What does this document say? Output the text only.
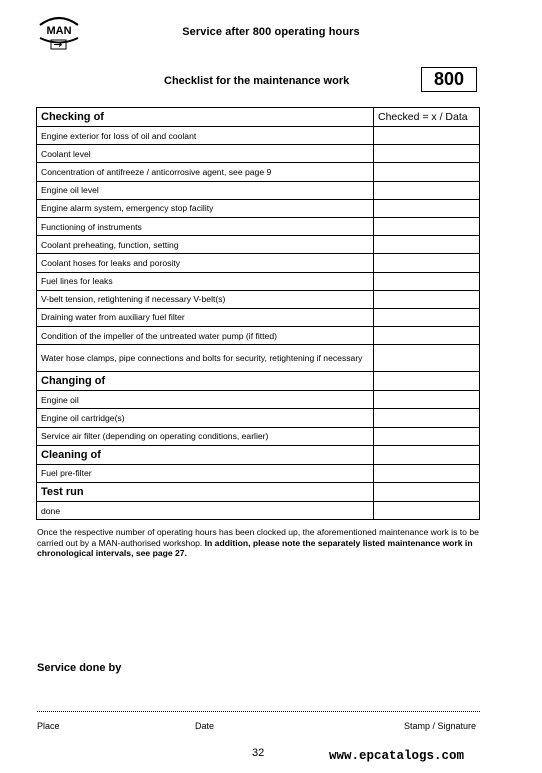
MAN	Service after 800 operating hours
Checklist for the maintenance work	800
Checking of	Checked = x / Data
Engine exterior for loss of oil and coolant	
Coolant level	
Concentration of antifreeze / anticorrosive agent, see page 9	
Engine oil level	
Engine alarm system, emergency stop facility	
Functioning of instruments	
Coolant preheating, function, setting	
Coolant hoses for leaks and porosity	
Fuel lines for leaks	
V-belt tension, retightening if necessary V-belt(s)	
Draining water from auxiliary fuel filter	
Condition of the impeller of the untreated water pump (if fitted)	
Water hose clamps, pipe connections and bolts for security, retightening if necessary	
Changing of	
Engine oil	
Engine oil cartridge(s)	
Service air filter (depending on operating conditions, earlier)	
Cleaning of	
Fuel pre-filter	
Test run	
done	
Once the respective number of operating hours has been clocked up, the aforementioned maintenance work is to be carried out by a MAN-authorised workshop. In addition, please note the separately listed maintenance work in chronological intervals, see page 27.
Service done by
Place	Date	Stamp / Signature
32	www.epcatalogs.com
